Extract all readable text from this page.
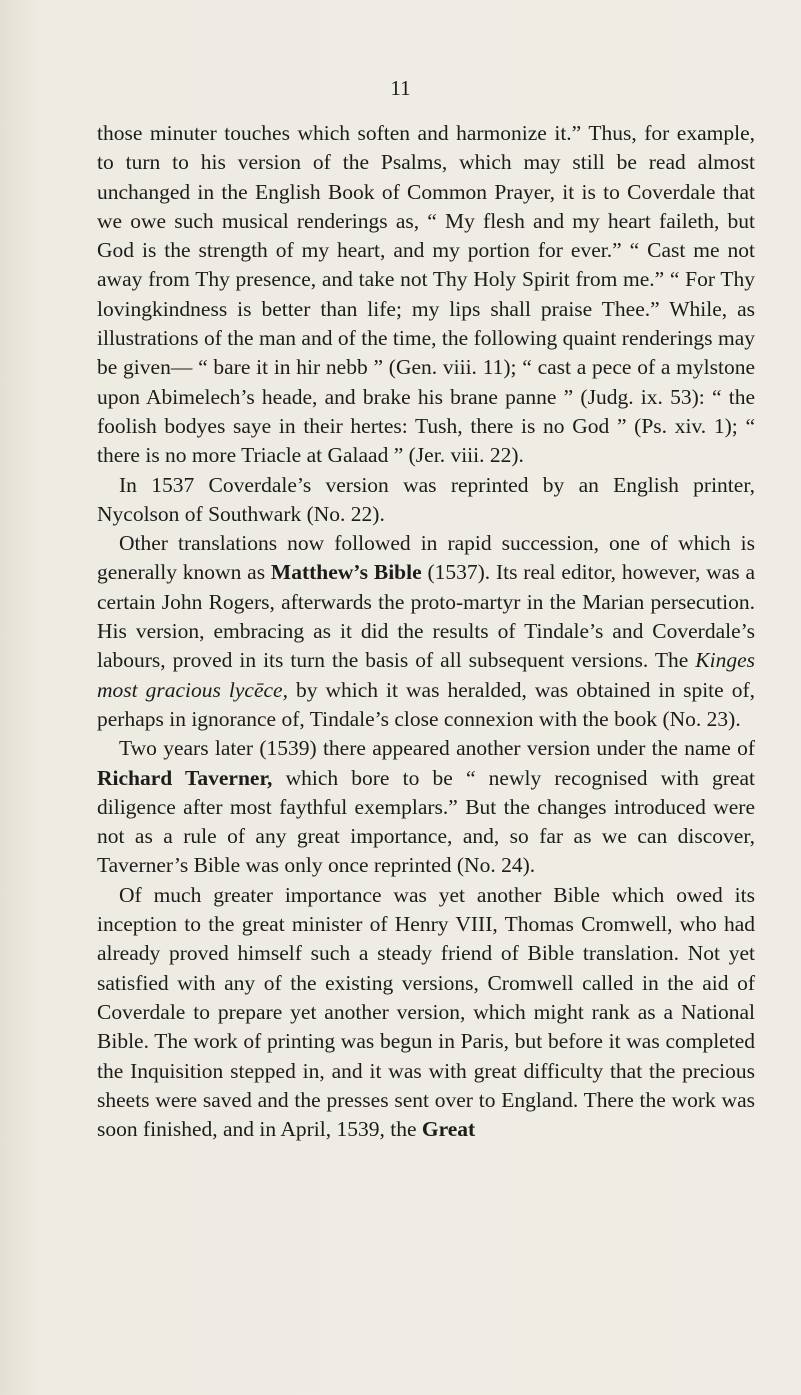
11

those minuter touches which soften and harmonize it.” Thus, for example, to turn to his version of the Psalms, which may still be read almost unchanged in the English Book of Common Prayer, it is to Coverdale that we owe such musical renderings as, “ My flesh and my heart faileth, but God is the strength of my heart, and my portion for ever.” “ Cast me not away from Thy presence, and take not Thy Holy Spirit from me.” “ For Thy lovingkindness is better than life; my lips shall praise Thee.” While, as illustrations of the man and of the time, the following quaint renderings may be given— “ bare it in hir nebb ” (Gen. viii. 11); “ cast a pece of a mylstone upon Abimelech’s heade, and brake his brane panne ” (Judg. ix. 53): “ the foolish bodyes saye in their hertes: Tush, there is no God ” (Ps. xiv. 1); “ there is no more Triacle at Galaad ” (Jer. viii. 22).

In 1537 Coverdale’s version was reprinted by an English printer, Nycolson of Southwark (No. 22).

Other translations now followed in rapid succession, one of which is generally known as Matthew’s Bible (1537). Its real editor, however, was a certain John Rogers, afterwards the proto-martyr in the Marian persecution. His version, embracing as it did the results of Tindale’s and Coverdale’s labours, proved in its turn the basis of all subsequent versions. The Kinges most gracious lycēce, by which it was heralded, was obtained in spite of, perhaps in ignorance of, Tindale’s close connexion with the book (No. 23).

Two years later (1539) there appeared another version under the name of Richard Taverner, which bore to be “ newly recognised with great diligence after most faythful exemplars.” But the changes introduced were not as a rule of any great importance, and, so far as we can discover, Taverner’s Bible was only once reprinted (No. 24).

Of much greater importance was yet another Bible which owed its inception to the great minister of Henry VIII, Thomas Cromwell, who had already proved himself such a steady friend of Bible translation. Not yet satisfied with any of the existing versions, Cromwell called in the aid of Coverdale to prepare yet another version, which might rank as a National Bible. The work of printing was begun in Paris, but before it was completed the Inquisition stepped in, and it was with great difficulty that the precious sheets were saved and the presses sent over to England. There the work was soon finished, and in April, 1539, the Great
